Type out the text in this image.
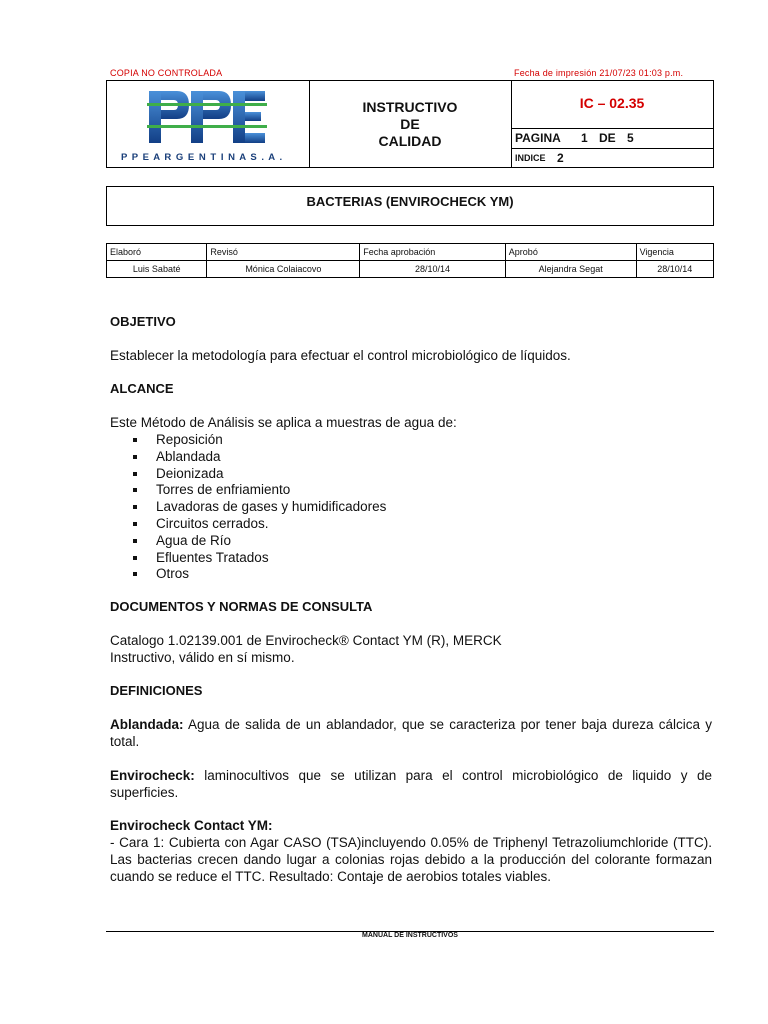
COPIA NO CONTROLADA	Fecha de impresión 21/07/23 01:03 p.m.
P P E A R G E N T I N A S . A .
INSTRUCTIVO
DE
CALIDAD
IC – 02.35
PAGINA 1 DE 5
INDICE 2
BACTERIAS (ENVIROCHECK YM)
Elaboró	Revisó	Fecha aprobación	Aprobó	Vigencia
Luis Sabaté	Mónica Colaiacovo	28/10/14	Alejandra Segat	28/10/14
OBJETIVO
Establecer la metodología para efectuar el control microbiológico de líquidos.
ALCANCE
Este Método de Análisis se aplica a muestras de agua de:
Reposición
Ablandada
Deionizada
Torres de enfriamiento
Lavadoras de gases y humidificadores
Circuitos cerrados.
Agua de Río
Efluentes Tratados
Otros
DOCUMENTOS Y NORMAS DE CONSULTA
Catalogo 1.02139.001 de Envirocheck® Contact YM (R), MERCK
Instructivo, válido en sí mismo.
DEFINICIONES
Ablandada: Agua de salida de un ablandador, que se caracteriza por tener baja dureza cálcica y total.
Envirocheck: laminocultivos que se utilizan para el control microbiológico de liquido y de superficies.
Envirocheck Contact YM:
- Cara 1: Cubierta con Agar CASO (TSA)incluyendo 0.05% de Triphenyl Tetrazoliumchloride (TTC). Las bacterias crecen dando lugar a colonias rojas debido a la producción del colorante formazan cuando se reduce el TTC. Resultado: Contaje de aerobios totales viables.
MANUAL DE INSTRUCTIVOS
